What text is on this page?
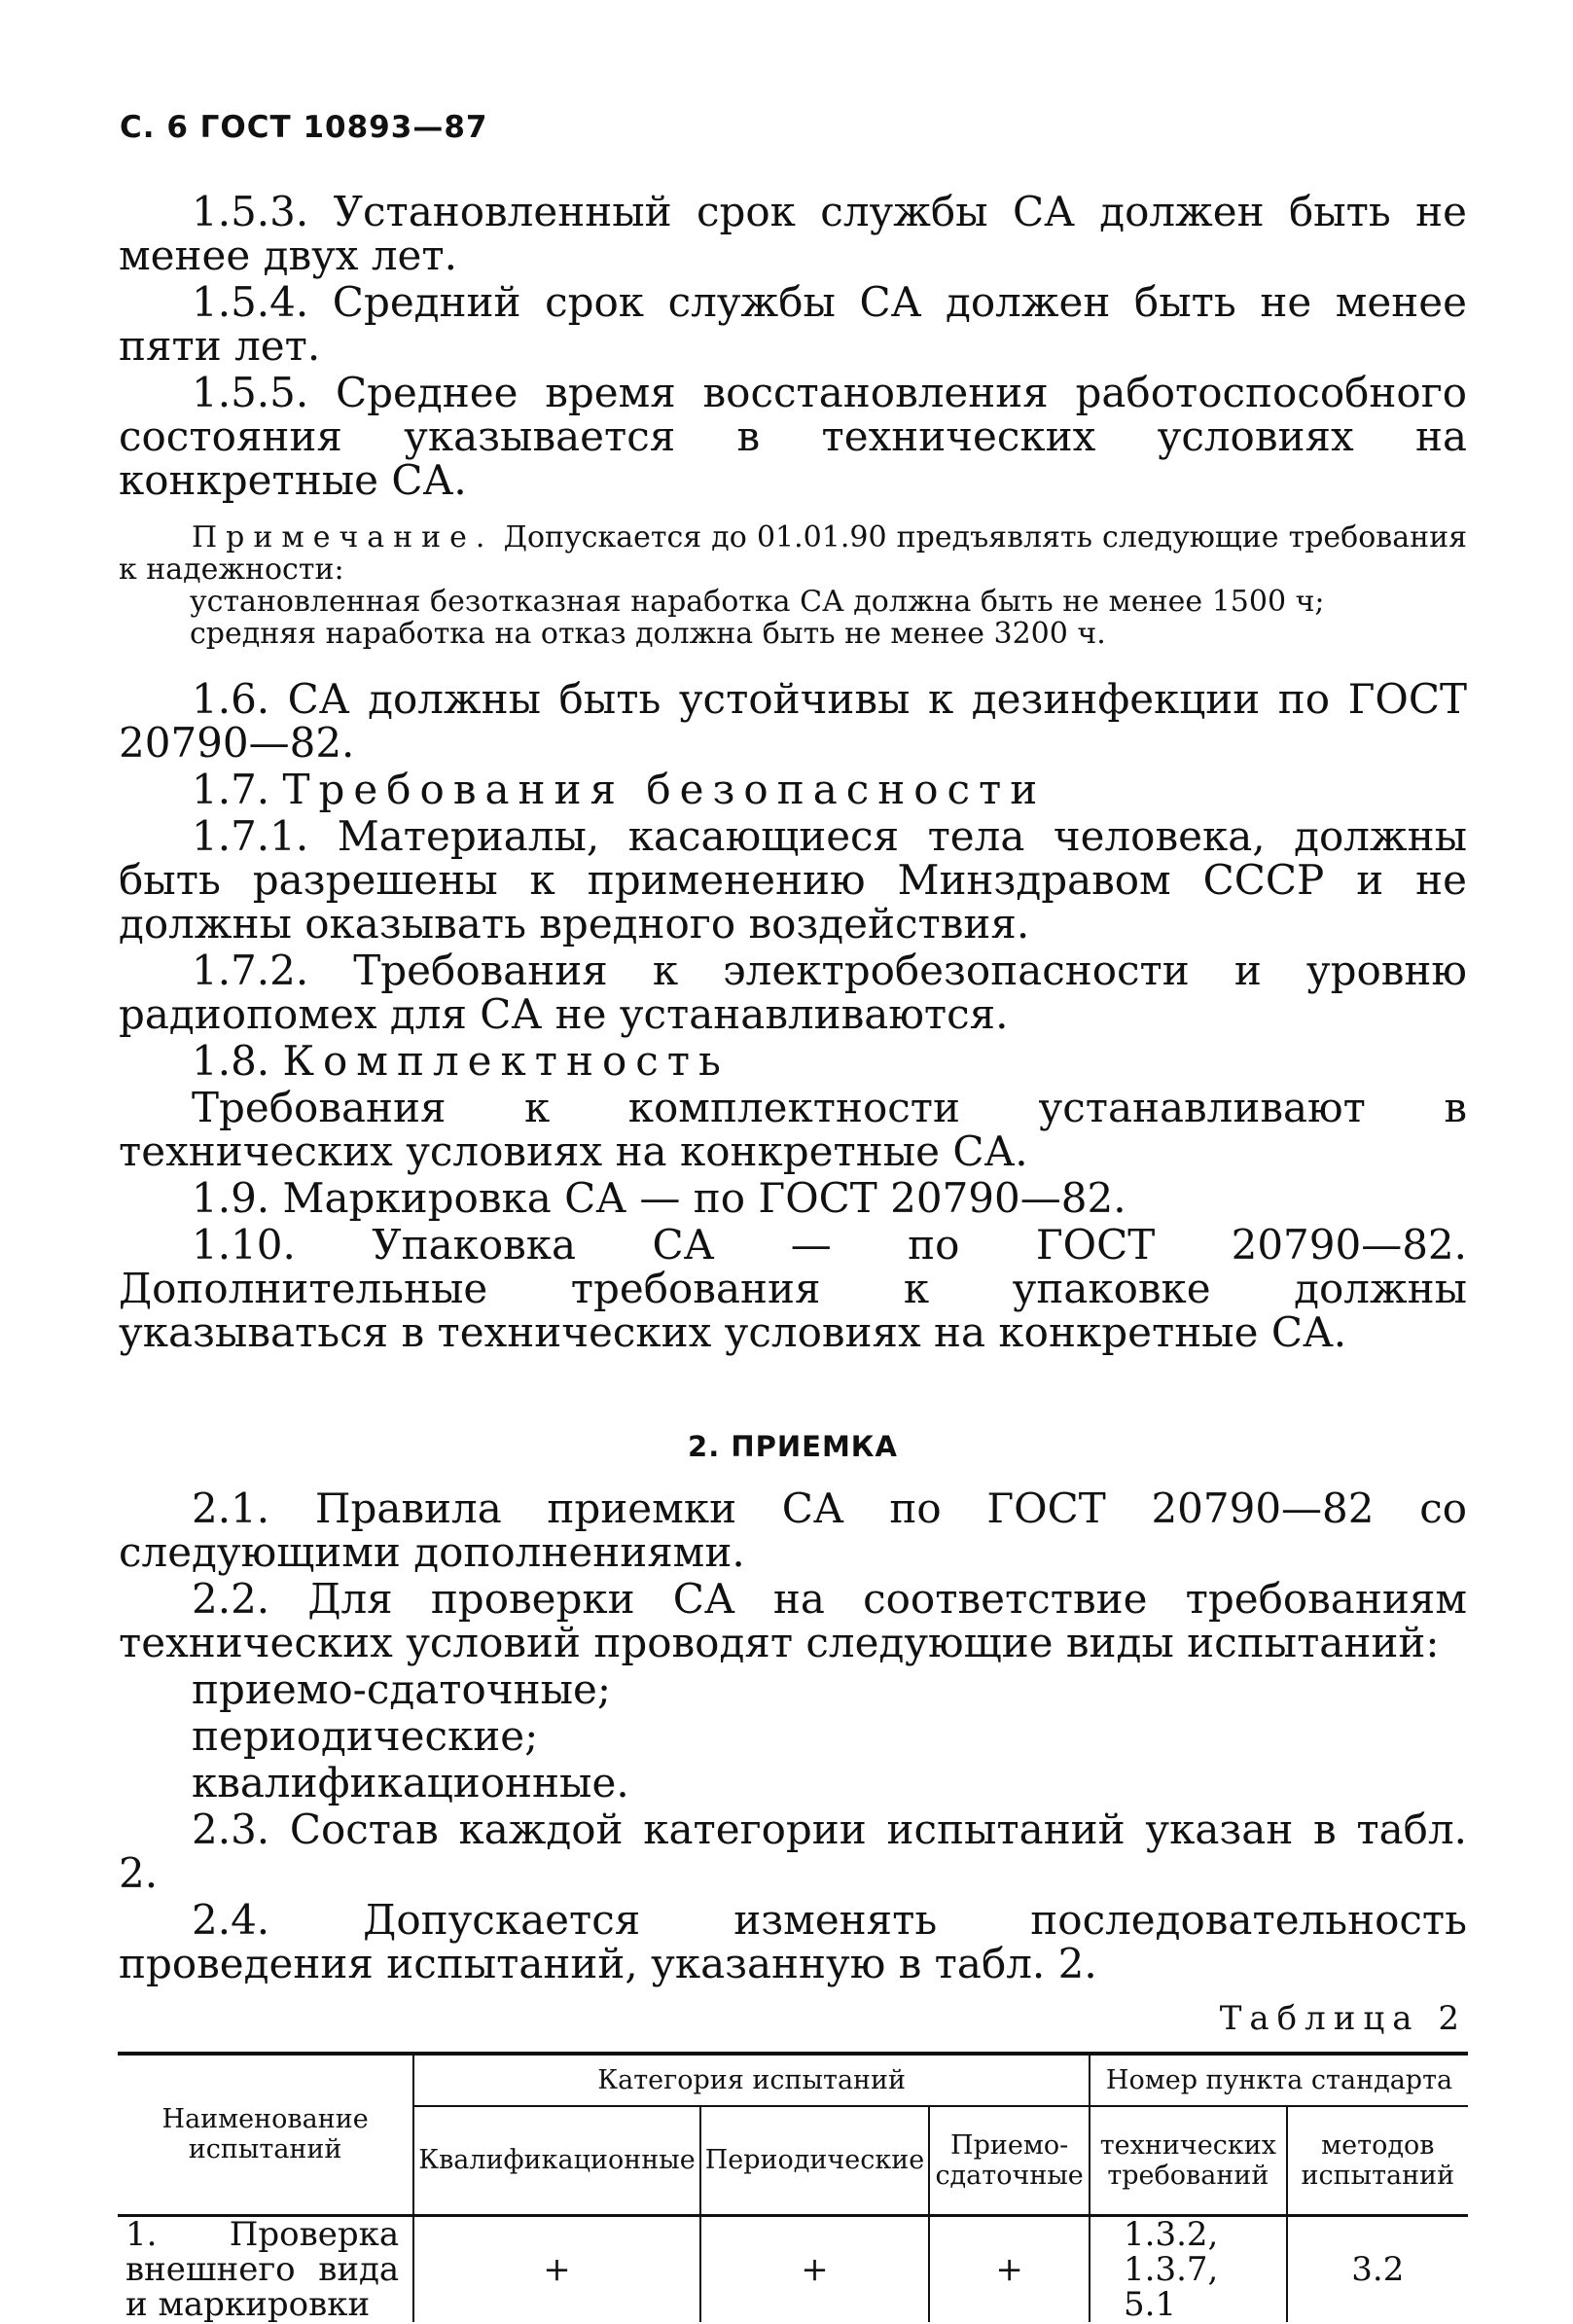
С. 6 ГОСТ 10893—87

1.5.3. Установленный срок службы СА должен быть не менее двух лет.

1.5.4. Средний срок службы СА должен быть не менее пяти лет.

1.5.5. Среднее время восстановления работоспособного состояния указывается в технических условиях на конкретные СА.

Примечание. Допускается до 01.01.90 предъявлять следующие требования к надежности:
установленная безотказная наработка СА должна быть не менее 1500 ч;
средняя наработка на отказ должна быть не менее 3200 ч.

1.6. СА должны быть устойчивы к дезинфекции по ГОСТ 20790—82.

1.7. Требования безопасности

1.7.1. Материалы, касающиеся тела человека, должны быть разрешены к применению Минздравом СССР и не должны оказывать вредного воздействия.

1.7.2. Требования к электробезопасности и уровню радиопомех для СА не устанавливаются.

1.8. Комплектность

Требования к комплектности устанавливают в технических условиях на конкретные СА.

1.9. Маркировка СА — по ГОСТ 20790—82.

1.10. Упаковка СА — по ГОСТ 20790—82. Дополнительные требования к упаковке должны указываться в технических условиях на конкретные СА.

2. ПРИЕМКА

2.1. Правила приемки СА по ГОСТ 20790—82 со следующими дополнениями.

2.2. Для проверки СА на соответствие требованиям технических условий проводят следующие виды испытаний:

приемо-сдаточные;

периодические;

квалификационные.

2.3. Состав каждой категории испытаний указан в табл. 2.

2.4. Допускается изменять последовательность проведения испытаний, указанную в табл. 2.

Таблица 2
Наименование испытаний	Категория испытаний			Номер пункта стандарта	
	Квалификационные	Периодические	Приемо-сдаточные	технических требований	методов испытаний
1. Проверка внешнего вида и маркировки	+	+	+	1.3.2, 1.3.7, 5.1	3.2
